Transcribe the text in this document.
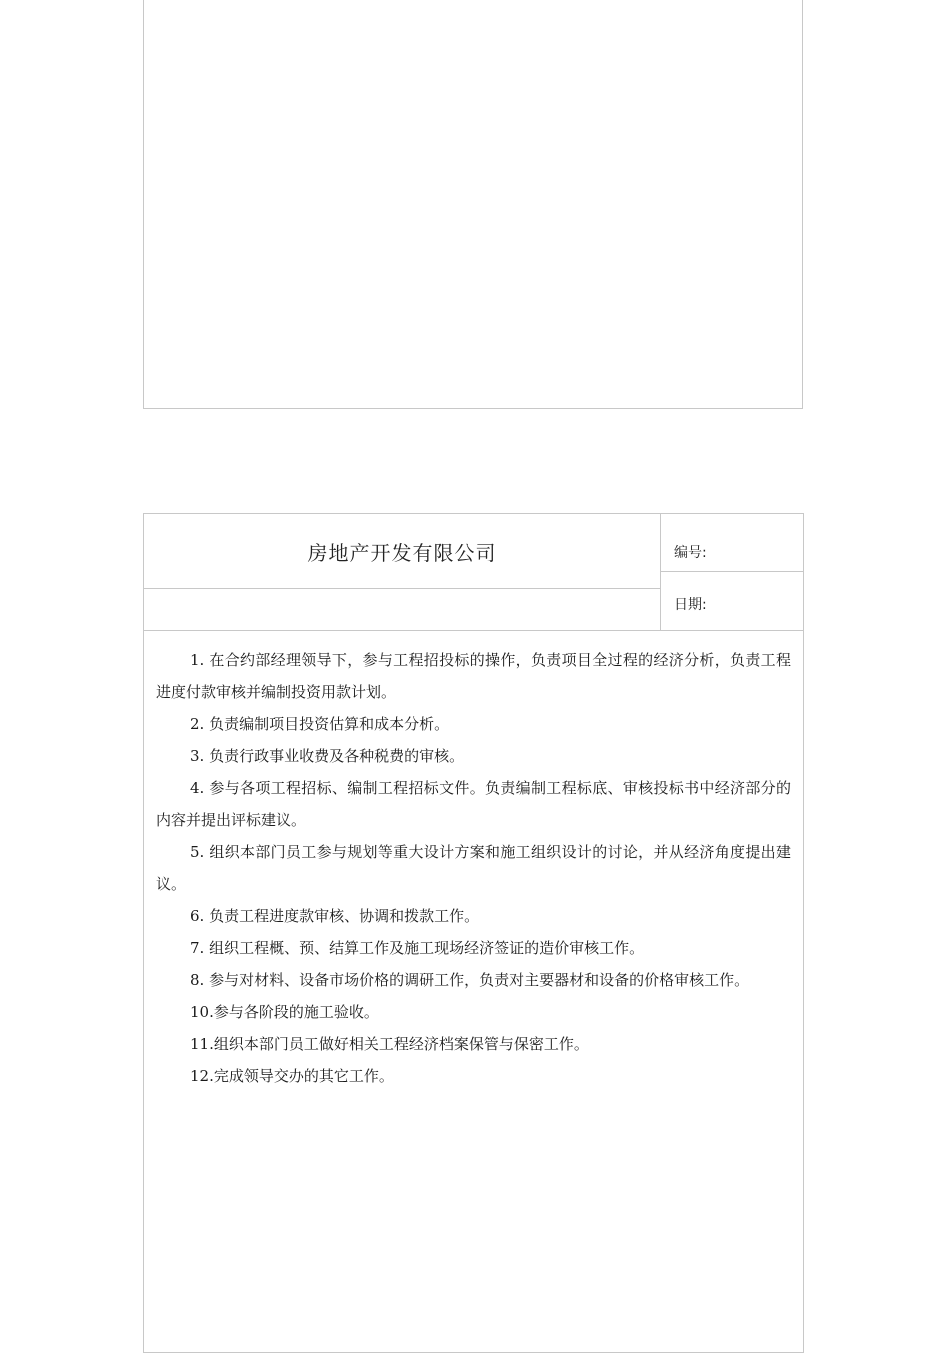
房地产开发有限公司	编号:
日期:

1. 在合约部经理领导下，参与工程招投标的操作，负责项目全过程的经济分析，负责工程进度付款审核并编制投资用款计划。

2. 负责编制项目投资估算和成本分析。

3. 负责行政事业收费及各种税费的审核。

4. 参与各项工程招标、编制工程招标文件。负责编制工程标底、审核投标书中经济部分的内容并提出评标建议。

5. 组织本部门员工参与规划等重大设计方案和施工组织设计的讨论，并从经济角度提出建议。

6. 负责工程进度款审核、协调和拨款工作。

7. 组织工程概、预、结算工作及施工现场经济签证的造价审核工作。

8. 参与对材料、设备市场价格的调研工作，负责对主要器材和设备的价格审核工作。

10.参与各阶段的施工验收。

11.组织本部门员工做好相关工程经济档案保管与保密工作。

12.完成领导交办的其它工作。
